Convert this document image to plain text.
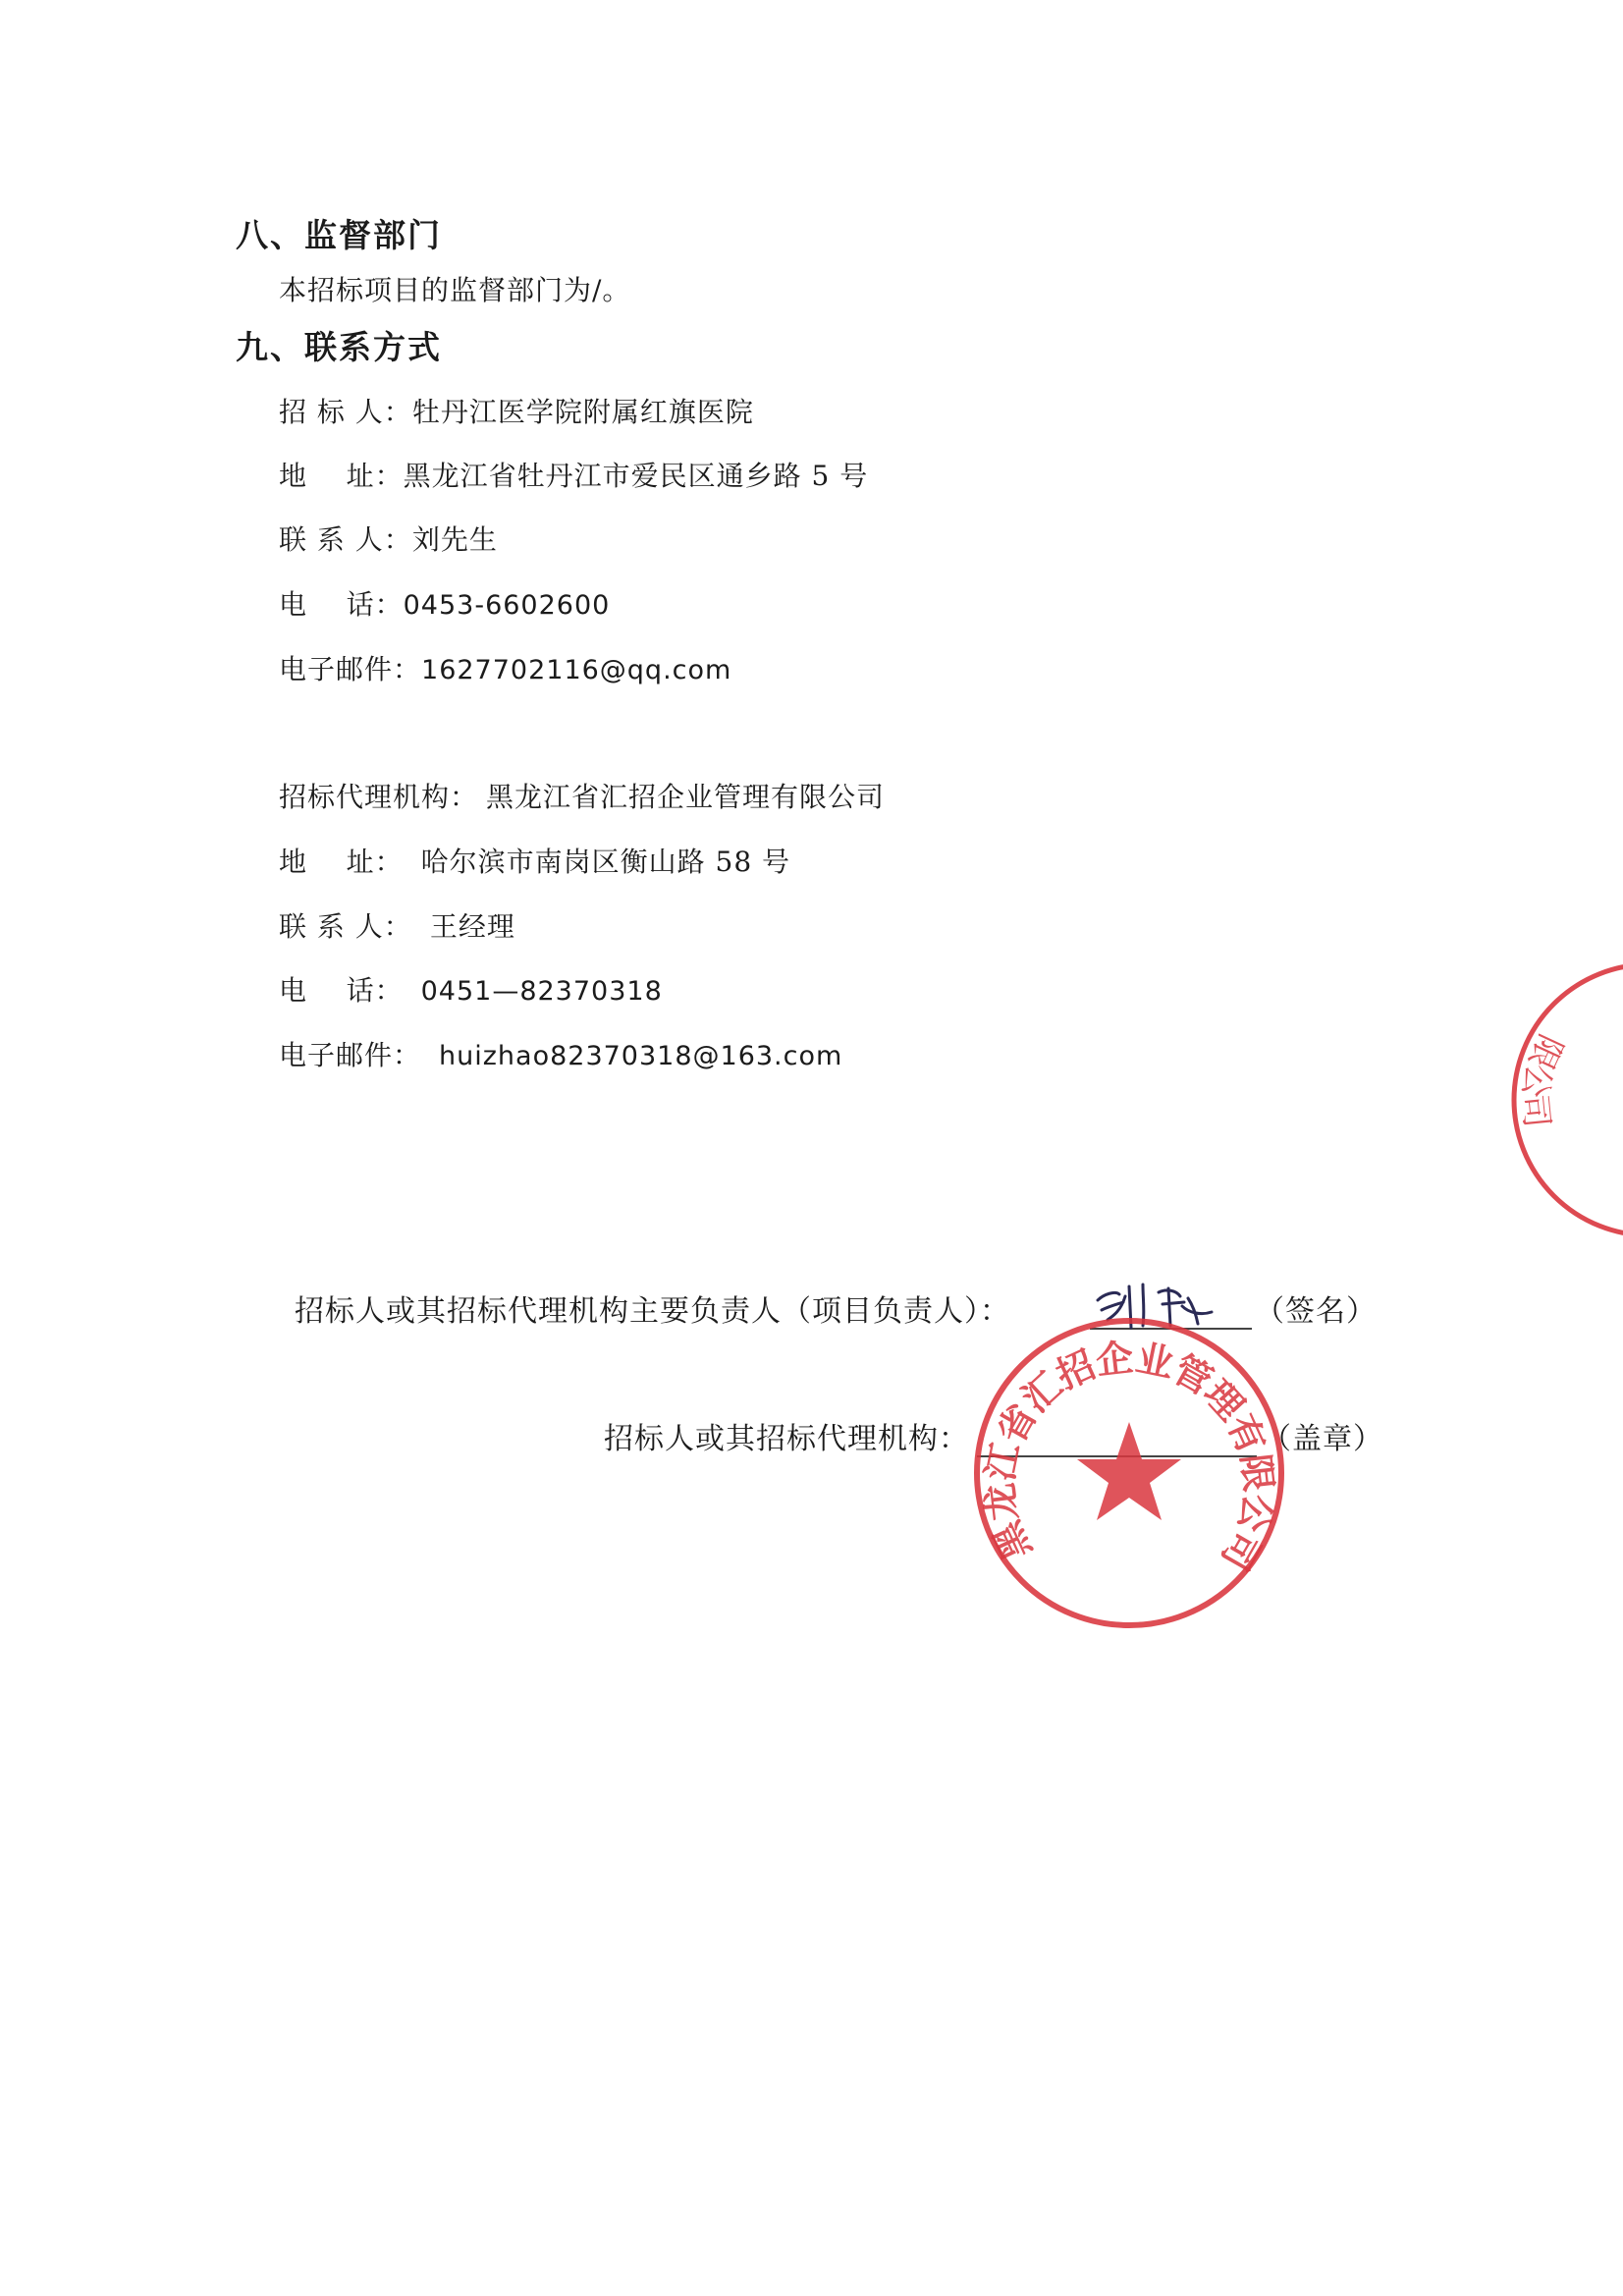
八、监督部门
本招标项目的监督部门为/。
九、联系方式
招 标 人：牡丹江医学院附属红旗医院
地    址：黑龙江省牡丹江市爱民区通乡路 5 号
联 系 人：刘先生
电    话：0453-6602600
电子邮件：1627702116@qq.com
招标代理机构： 黑龙江省汇招企业管理有限公司
地    址： 哈尔滨市南岗区衡山路 58 号
联 系 人： 王经理
电    话： 0451—82370318
电子邮件： huizhao82370318@163.com	限公司
招标人或其招标代理机构主要负责人（项目负责人）：	（签名）
招标人或其招标代理机构：	（盖章）
黑龙江省汇招企业管理有限公司
